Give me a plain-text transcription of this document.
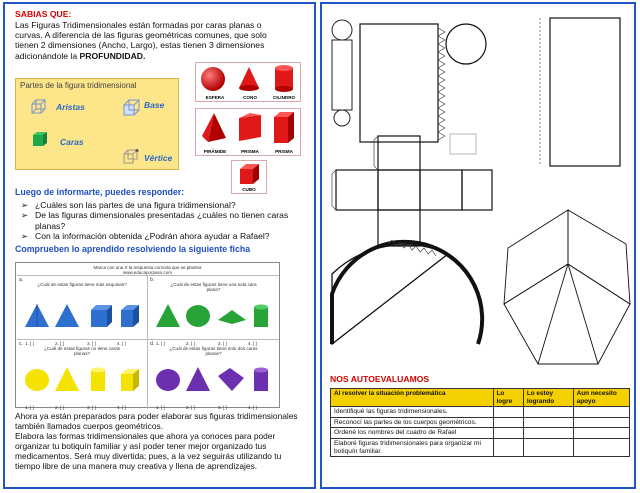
SABIAS QUE:
Las Figuras Tridimensionales están formadas por caras planas o
curvas. A diferencia de las figuras geométricas comunes, que solo
tienen 2 dimensiones (Ancho, Largo), estas tienen 3 dimensiones
adicionándole la PROFUNDIDAD.
Partes de la figura tridimensional
Aristas	Base
Caras
Vértice
ESFERA	CONO	CILINDRO
PIRÁMIDE	PRISMA	PRISMA
CUBO
Luego de informarte, puedes responder:
➢ ¿Cuáles son las partes de una figura tridimensional?
➢ De las figuras dimensionales presentadas ¿cuáles no tienen caras planas?
➢ Con la información obtenida ¿Podrán ahora ayudar a Rafael?
Comprueben lo aprendido resolviendo la siguiente ficha
Marca con una X la respuesta correcta que se plantea
www.educaporpaso.com
a.
¿Cuál de estas figuras tiene más esquinas?
1. [ ]	2. [ ]	3. [ ]	4. [ ]
b.
¿Cuál de estas figuras tiene una sola cara plana?
1. [ ]	2. [ ]	3. [ ]	4. [ ]
c.
¿Cuál de estas figuras no tiene caras planas?
1. [ ]	2. [ ]	3. [ ]	4. [ ]
d.
¿Cuál de estas figuras tiene solo dos caras planas?
1. [ ]	2. [ ]	3. [ ]	4. [ ]
Ahora ya están preparados para poder elaborar sus figuras tridimensionales
también llamados cuerpos geométricos.
Elabora las formas tridimensionales que ahora ya conoces para poder
organizar tu botiquín familiar y así poder tener mejor organizado tus
medicamentos. Será muy divertida; pues, a la vez seguirás utilizando tu
tiempo libre de una manera muy creativa y llena de aprendizajes.
NOS AUTOEVALUAMOS
Al resolver la situación problemática	Lo logre	Lo estoy logrando	Aun necesito apoyo
Identifiqué las figuras tridimensionales.			
Reconocí las partes de los cuerpos geométricos.			
Ordené los nombres del cuadro de Rafael			
Elaboré figuras tridimensionales para organizar mi botiquín familiar.			
